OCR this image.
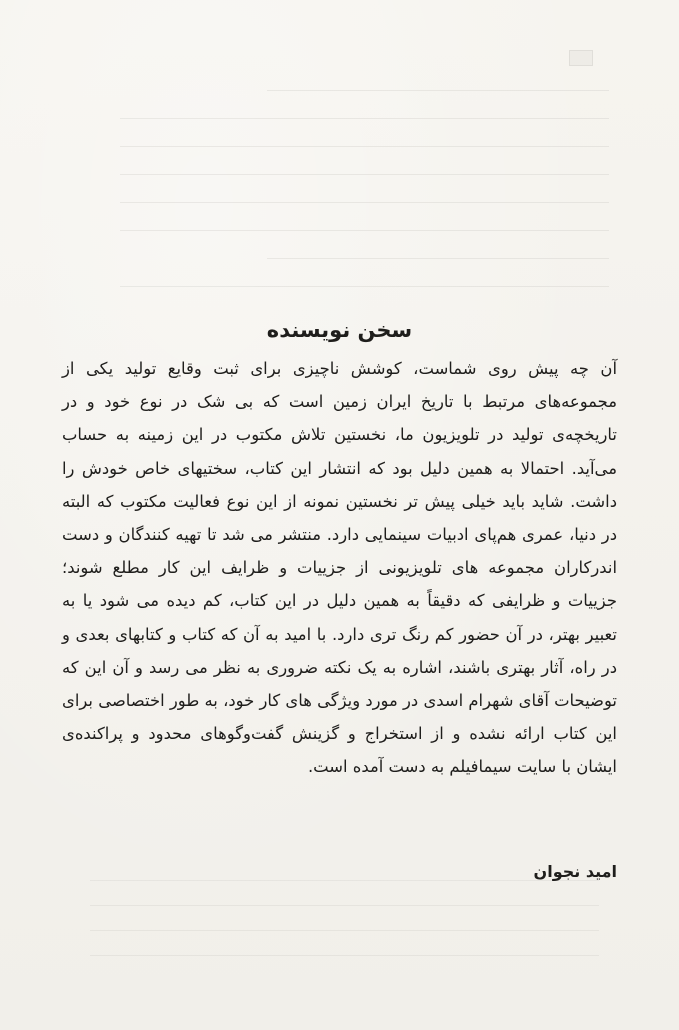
سخن نویسنده

آن چه پیش روی شماست، کوشش ناچیزی برای ثبت وقایع تولید یکی از مجموعه‌های مرتبط با تاریخ ایران زمین است که بی شک در نوع خود و در تاریخچه‌ی تولید در تلویزیون ما، نخستین تلاش مکتوب در این زمینه به حساب می‌آید. احتمالا به همین دلیل بود که انتشار این کتاب، سختیهای خاص خودش را داشت. شاید باید خیلی پیش تر نخستین نمونه از این نوع فعالیت مکتوب که البته در دنیا، عمری هم‌پای ادبیات سینمایی دارد. منتشر می شد تا تهیه کنندگان و دست اندرکاران مجموعه های تلویزیونی از جزییات و ظرایف این کار مطلع شوند؛ جزییات و ظرایفی که دقیقاً به همین دلیل در این کتاب، کم دیده می شود یا به تعبیر بهتر، در آن حضور کم رنگ تری دارد. با امید به آن که کتاب و کتابهای بعدی و در راه، آثار بهتری باشند، اشاره به یک نکته ضروری به نظر می رسد و آن این که توضیحات آقای شهرام اسدی در مورد ویژگی های کار خود، به طور اختصاصی برای این کتاب ارائه نشده و از استخراج و گزینش گفت‌وگوهای محدود و پراکنده‌ی ایشان با سایت سیمافیلم به دست آمده است.

امید نجوان
